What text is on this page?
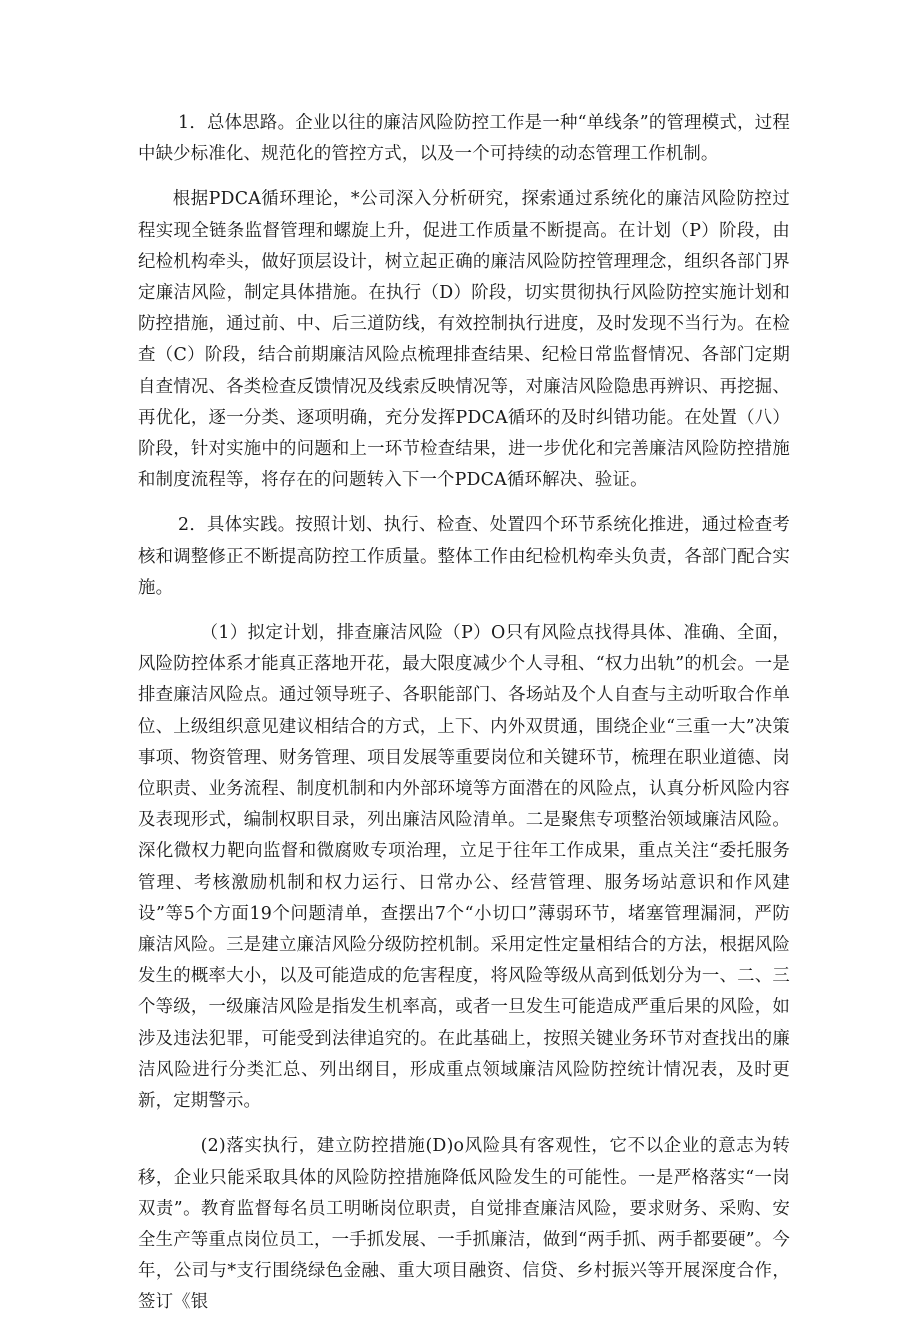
1．总体思路。企业以往的廉洁风险防控工作是一种“单线条”的管理模式，过程中缺少标准化、规范化的管控方式，以及一个可持续的动态管理工作机制。

根据PDCA循环理论，*公司深入分析研究，探索通过系统化的廉洁风险防控过程实现全链条监督管理和螺旋上升，促进工作质量不断提高。在计划（P）阶段，由纪检机构牵头，做好顶层设计，树立起正确的廉洁风险防控管理理念，组织各部门界定廉洁风险，制定具体措施。在执行（D）阶段，切实贯彻执行风险防控实施计划和防控措施，通过前、中、后三道防线，有效控制执行进度，及时发现不当行为。在检查（C）阶段，结合前期廉洁风险点梳理排查结果、纪检日常监督情况、各部门定期自查情况、各类检查反馈情况及线索反映情况等，对廉洁风险隐患再辨识、再挖掘、再优化，逐一分类、逐项明确，充分发挥PDCA循环的及时纠错功能。在处置（八）阶段，针对实施中的问题和上一环节检查结果，进一步优化和完善廉洁风险防控措施和制度流程等，将存在的问题转入下一个PDCA循环解决、验证。

2．具体实践。按照计划、执行、检查、处置四个环节系统化推进，通过检查考核和调整修正不断提高防控工作质量。整体工作由纪检机构牵头负责，各部门配合实施。

（1）拟定计划，排查廉洁风险（P）O只有风险点找得具体、准确、全面，风险防控体系才能真正落地开花，最大限度减少个人寻租、“权力出轨”的机会。一是排查廉洁风险点。通过领导班子、各职能部门、各场站及个人自查与主动听取合作单位、上级组织意见建议相结合的方式，上下、内外双贯通，围绕企业“三重一大”决策事项、物资管理、财务管理、项目发展等重要岗位和关键环节，梳理在职业道德、岗位职责、业务流程、制度机制和内外部环境等方面潜在的风险点，认真分析风险内容及表现形式，编制权职目录，列出廉洁风险清单。二是聚焦专项整治领域廉洁风险。深化微权力靶向监督和微腐败专项治理，立足于往年工作成果，重点关注“委托服务管理、考核激励机制和权力运行、日常办公、经营管理、服务场站意识和作风建设”等5个方面19个问题清单，查摆出7个“小切口”薄弱环节，堵塞管理漏洞，严防廉洁风险。三是建立廉洁风险分级防控机制。采用定性定量相结合的方法，根据风险发生的概率大小，以及可能造成的危害程度，将风险等级从高到低划分为一、二、三个等级，一级廉洁风险是指发生机率高，或者一旦发生可能造成严重后果的风险，如涉及违法犯罪，可能受到法律追究的。在此基础上，按照关键业务环节对查找出的廉洁风险进行分类汇总、列出纲目，形成重点领域廉洁风险防控统计情况表，及时更新，定期警示。

(2)落实执行，建立防控措施(D)o风险具有客观性，它不以企业的意志为转移，企业只能采取具体的风险防控措施降低风险发生的可能性。一是严格落实“一岗双责”。教育监督每名员工明晰岗位职责，自觉排查廉洁风险，要求财务、采购、安全生产等重点岗位员工，一手抓发展、一手抓廉洁，做到“两手抓、两手都要硬”。今年，公司与*支行围绕绿色金融、重大项目融资、信贷、乡村振兴等开展深度合作，签订《银
